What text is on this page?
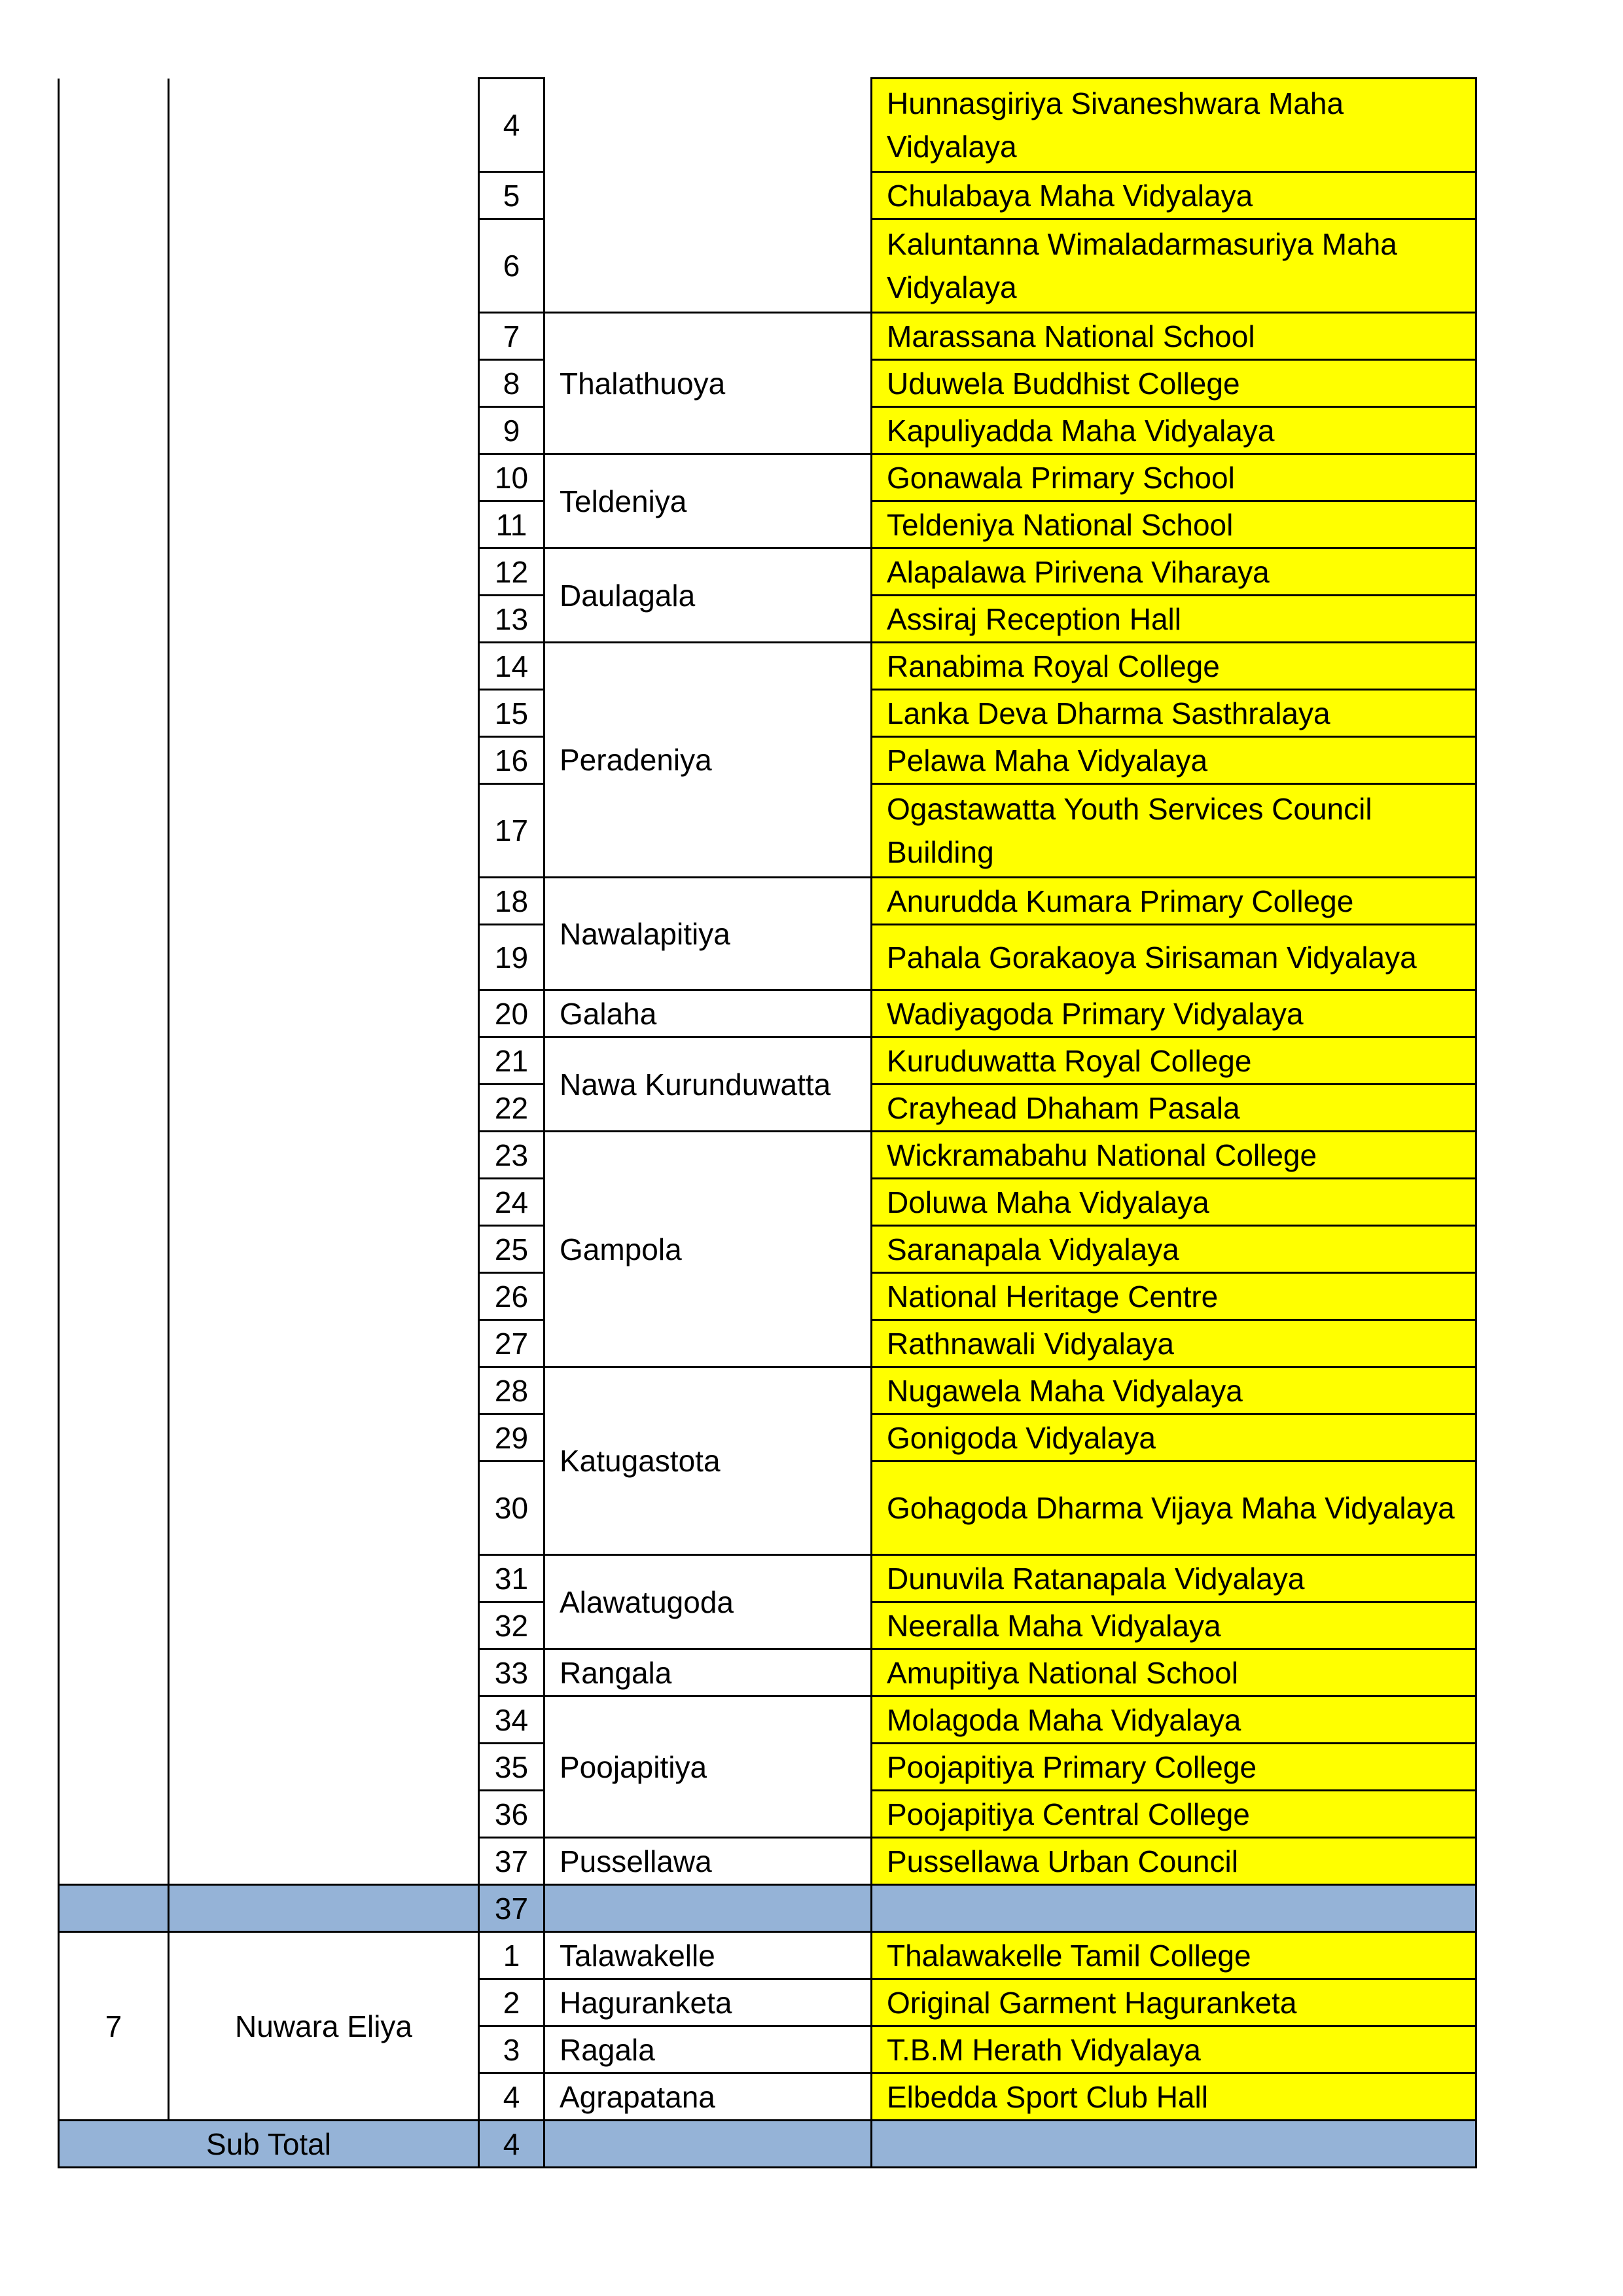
		4		Hunnasgiriya Sivaneshwara Maha Vidyalaya
		5		Chulabaya Maha Vidyalaya
		6		Kaluntanna Wimaladarmasuriya Maha Vidyalaya
		7	Thalathuoya	Marassana National School
		8		Uduwela Buddhist College
		9		Kapuliyadda Maha Vidyalaya
		10	Teldeniya	Gonawala Primary School
		11		Teldeniya National School
		12	Daulagala	Alapalawa Pirivena Viharaya
		13		Assiraj Reception Hall
		14	Peradeniya	Ranabima Royal College
		15		Lanka Deva Dharma Sasthralaya
		16		Pelawa Maha Vidyalaya
		17		Ogastawatta Youth Services Council Building
		18	Nawalapitiya	Anurudda Kumara Primary College
		19		Pahala Gorakaoya Sirisaman Vidyalaya
		20	Galaha	Wadiyagoda Primary Vidyalaya
		21	Nawa Kurunduwatta	Kuruduwatta Royal College
		22		Crayhead Dhaham Pasala
		23	Gampola	Wickramabahu National College
		24		Doluwa Maha Vidyalaya
		25		Saranapala Vidyalaya
		26		National Heritage Centre
		27		Rathnawali Vidyalaya
		28	Katugastota	Nugawela Maha Vidyalaya
		29		Gonigoda Vidyalaya
		30		Gohagoda Dharma Vijaya Maha Vidyalaya
		31	Alawatugoda	Dunuvila Ratanapala Vidyalaya
		32		Neeralla Maha Vidyalaya
		33	Rangala	Amupitiya National School
		34	Poojapitiya	Molagoda Maha Vidyalaya
		35		Poojapitiya Primary College
		36		Poojapitiya Central College
		37	Pussellawa	Pussellawa Urban Council
		37		
7	Nuwara Eliya	1	Talawakelle	Thalawakelle Tamil College
		2	Haguranketa	Original Garment Haguranketa
		3	Ragala	T.B.M Herath Vidyalaya
		4	Agrapatana	Elbedda Sport Club Hall
Sub Total		4		
